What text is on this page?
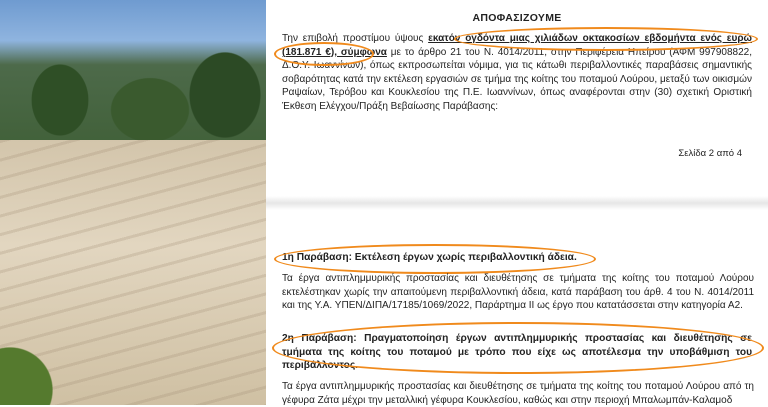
ΑΠΟΦΑΣΙΖΟΥΜΕ

Την επιβολή προστίμου ύψους εκατόν ογδόντα μιας χιλιάδων οκτακοσίων εβδομήντα ενός ευρώ (181.871 €), σύμφωνα με το άρθρο 21 του Ν. 4014/2011, στην Περιφέρεια Ηπείρου (ΑΦΜ 997908822, Δ.Ο.Υ. Ιωαννίνων), όπως εκπροσωπείται νόμιμα, για τις κάτωθι περιβαλλοντικές παραβάσεις σημαντικής σοβαρότητας κατά την εκτέλεση εργασιών σε τμήμα της κοίτης του ποταμού Λούρου, μεταξύ των οικισμών Ραψαίων, Τερόβου και Κουκλεσίου της Π.Ε. Ιωαννίνων, όπως αναφέρονται στην (30) σχετική Οριστική Έκθεση Ελέγχου/Πράξη Βεβαίωσης Παράβασης:

Σελίδα 2 από 4

1η Παράβαση: Εκτέλεση έργων χωρίς περιβαλλοντική άδεια.

Τα έργα αντιπλημμυρικής προστασίας και διευθέτησης σε τμήματα της κοίτης του ποταμού Λούρου εκτελέστηκαν χωρίς την απαιτούμενη περιβαλλοντική άδεια, κατά παράβαση του άρθ. 4 του Ν. 4014/2011 και της Υ.Α. ΥΠΕΝ/ΔΙΠΑ/17185/1069/2022, Παράρτημα ΙΙ ως έργο που κατατάσσεται στην κατηγορία Α2.

2η Παράβαση: Πραγματοποίηση έργων αντιπλημμυρικής προστασίας και διευθέτησης σε τμήματα της κοίτης του ποταμού με τρόπο που είχε ως αποτέλεσμα την υποβάθμιση του περιβάλλοντος.

Τα έργα αντιπλημμυρικής προστασίας και διευθέτησης σε τμήματα της κοίτης του ποταμού Λούρου από τη γέφυρα Ζάτα μέχρι την μεταλλική γέφυρα Κουκλεσίου, καθώς και στην περιοχή Μπαλωμπάν-Καλαμοδ
